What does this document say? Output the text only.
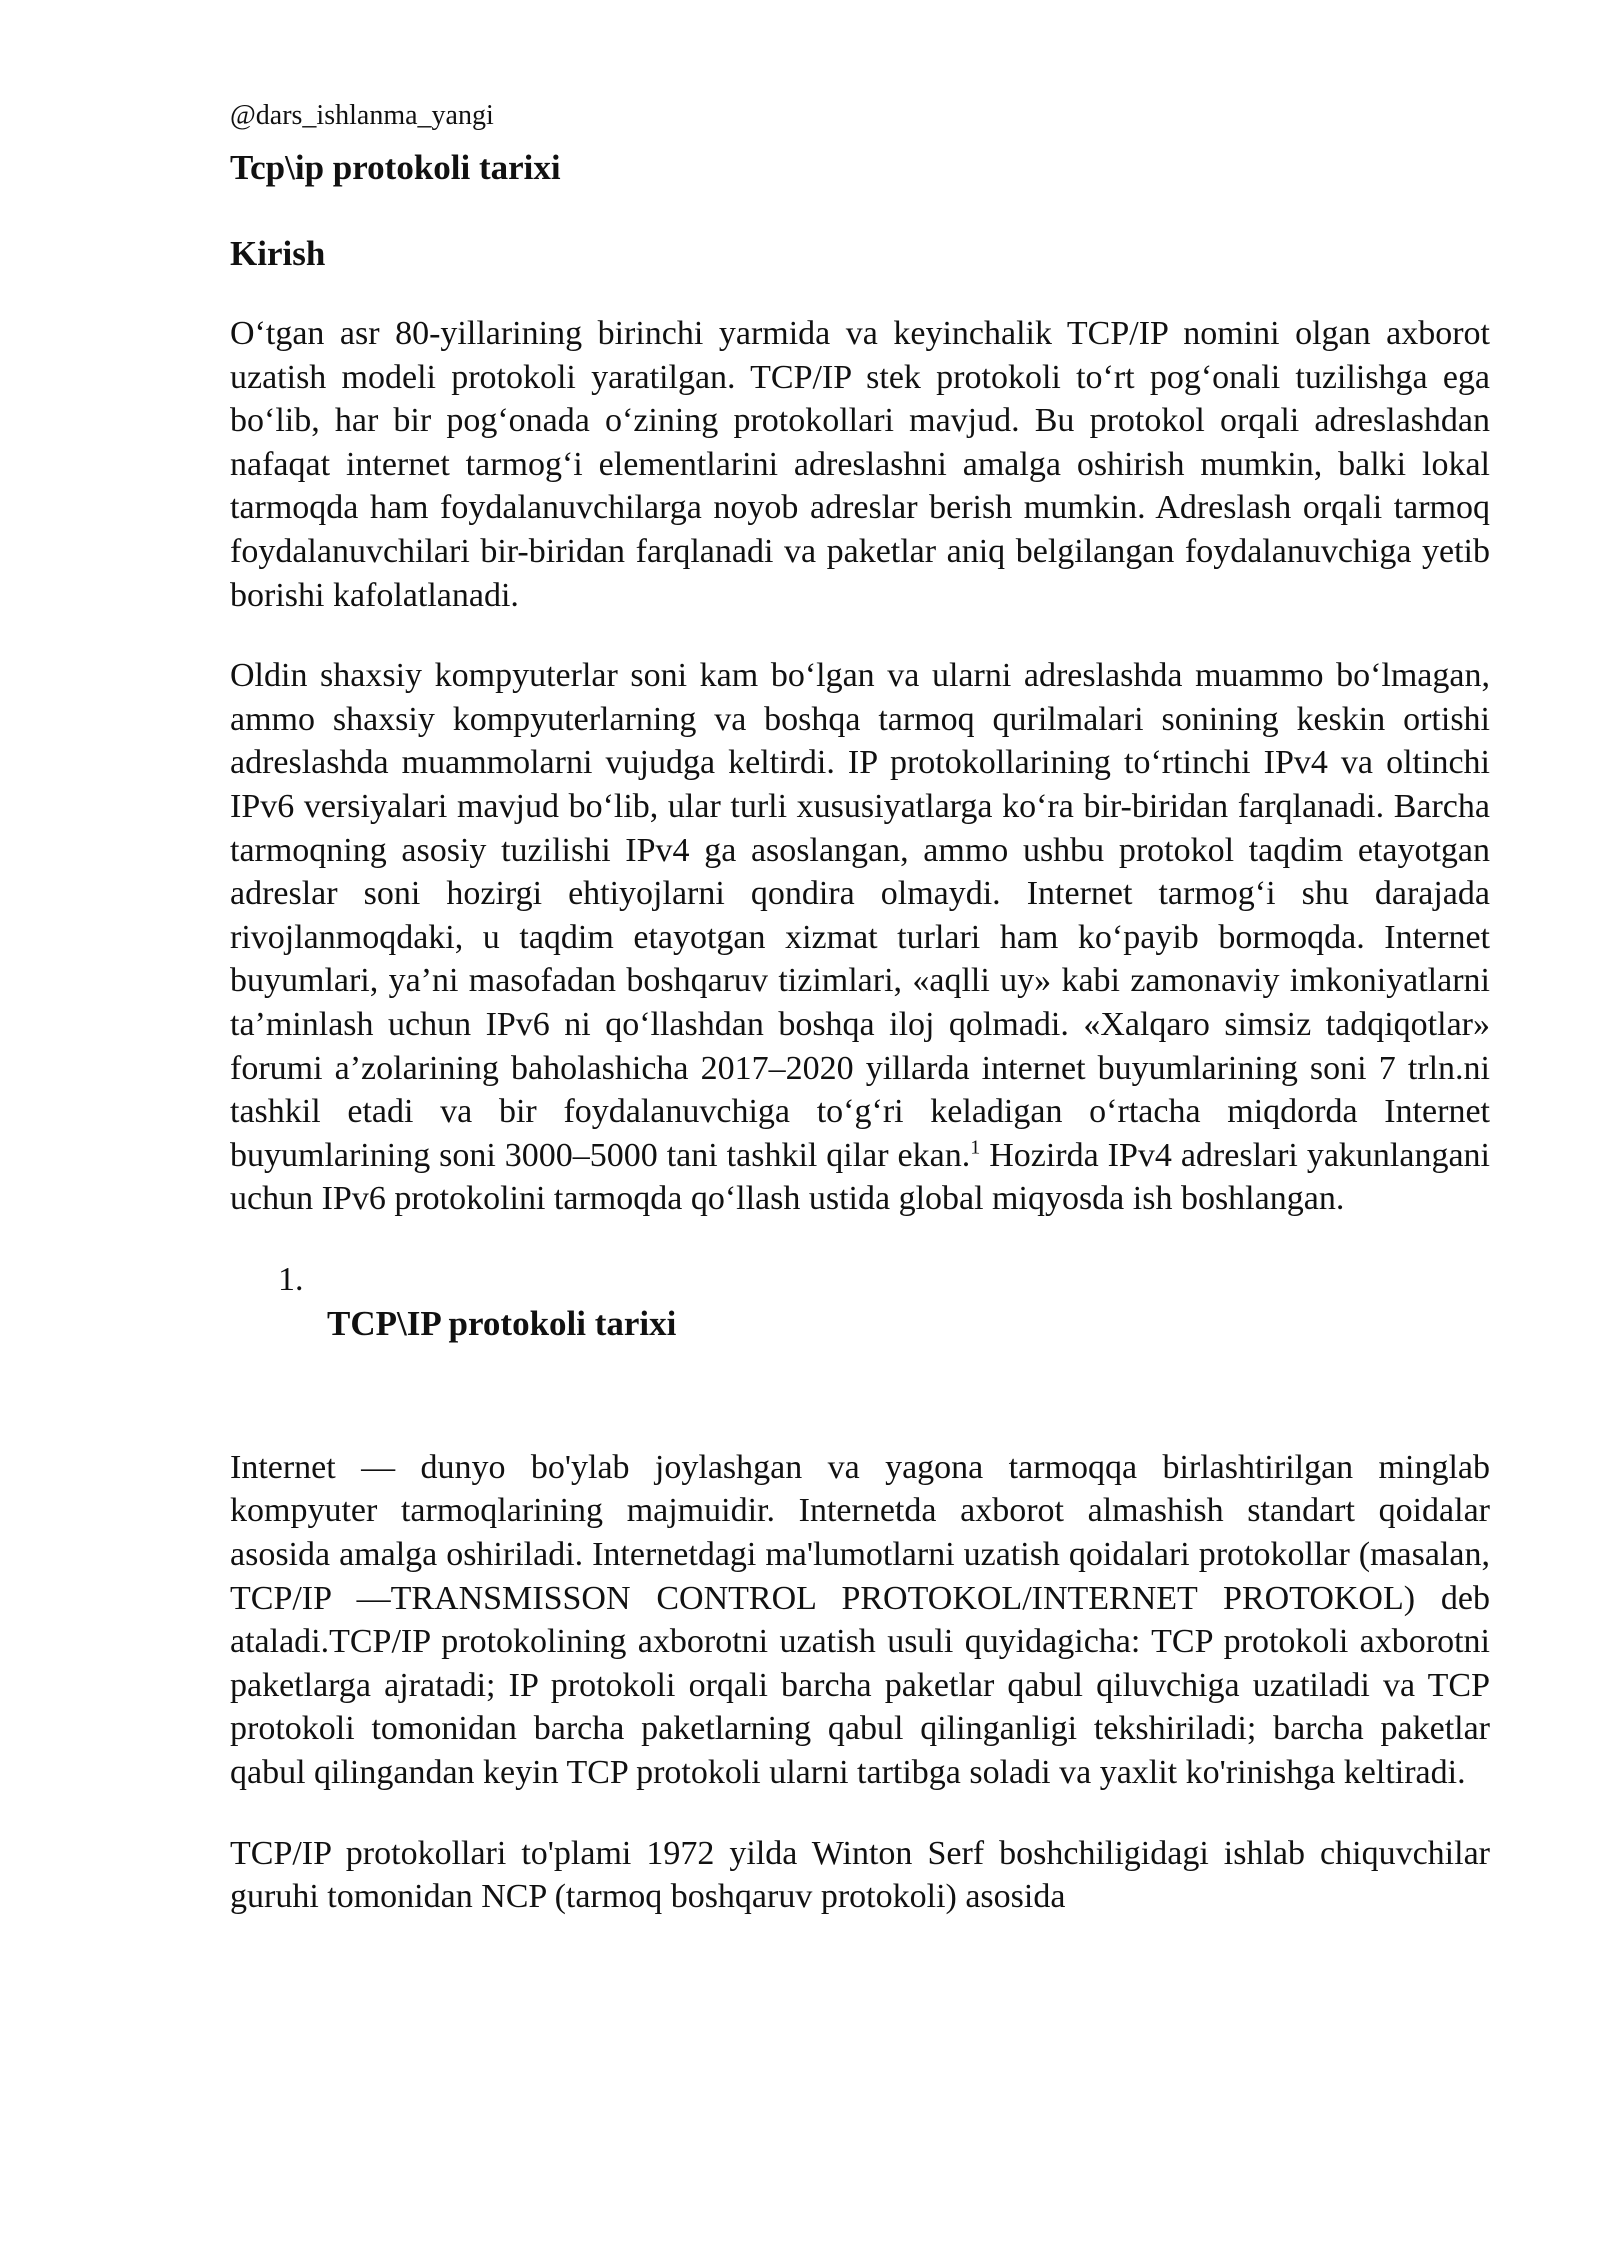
@dars_ishlanma_yangi
Tcp\ip protokoli tarixi
Kirish

O‘tgan asr 80-yillarining birinchi yarmida va keyinchalik TCP/IP nomini olgan axborot uzatish modeli protokoli yaratilgan. TCP/IP stek protokoli to‘rt pog‘onali tuzilishga ega bo‘lib, har bir pog‘onada o‘zining protokollari mavjud. Bu protokol orqali adreslashdan nafaqat internet tarmog‘i elementlarini adreslashni amalga oshirish mumkin, balki lokal tarmoqda ham foydalanuvchilarga noyob adreslar berish mumkin. Adreslash orqali tarmoq foydalanuvchilari bir-biridan farqlanadi va paketlar aniq belgilangan foydalanuvchiga yetib borishi kafolatlanadi.

Oldin shaxsiy kompyuterlar soni kam bo‘lgan va ularni adreslashda muammo bo‘lmagan, ammo shaxsiy kompyuterlarning va boshqa tarmoq qurilmalari sonining keskin ortishi adreslashda muammolarni vujudga keltirdi. IP protokollarining to‘rtinchi IPv4 va oltinchi IPv6 versiyalari mavjud bo‘lib, ular turli xususiyatlarga ko‘ra bir-biridan farqlanadi. Barcha tarmoqning asosiy tuzilishi IPv4 ga asoslangan, ammo ushbu protokol taqdim etayotgan adreslar soni hozirgi ehtiyojlarni qondira olmaydi. Internet tarmog‘i shu darajada rivojlanmoqdaki, u taqdim etayotgan xizmat turlari ham ko‘payib bormoqda. Internet buyumlari, ya’ni masofadan boshqaruv tizimlari, «aqlli uy» kabi zamonaviy imkoniyatlarni ta’minlash uchun IPv6 ni qo‘llashdan boshqa iloj qolmadi. «Xalqaro simsiz tadqiqotlar» forumi a’zolarining baholashicha 2017–2020 yillarda internet buyumlarining soni 7 trln.ni tashkil etadi va bir foydalanuvchiga to‘g‘ri keladigan o‘rtacha miqdorda Internet buyumlarining soni 3000–5000 tani tashkil qilar ekan.$^1$ Hozirda IPv4 adreslari yakunlangani uchun IPv6 protokolini tarmoqda qo‘llash ustida global miqyosda ish boshlangan.

1.
TCP\IP protokoli tarixi

Internet — dunyo bo'ylab joylashgan va yagona tarmoqqa birlashtirilgan minglab kompyuter tarmoqlarining majmuidir. Internetda axborot almashish standart qoidalar asosida amalga oshiriladi. Internetdagi ma'lumotlarni uzatish qoidalari protokollar (masalan, TCP/IP —TRANSMISSON CONTROL PROTOKOL/INTERNET PROTOKOL) deb ataladi.TCP/IP protokolining axborotni uzatish usuli quyidagicha: TCP protokoli axborotni paketlarga ajratadi; IP protokoli orqali barcha paketlar qabul qiluvchiga uzatiladi va TCP protokoli tomonidan barcha paketlarning qabul qilinganligi tekshiriladi; barcha paketlar qabul qilingandan keyin TCP protokoli ularni tartibga soladi va yaxlit ko'rinishga keltiradi.

TCP/IP protokollari to'plami 1972 yilda Winton Serf boshchiligidagi ishlab chiquvchilar guruhi tomonidan NCP (tarmoq boshqaruv protokoli) asosida
